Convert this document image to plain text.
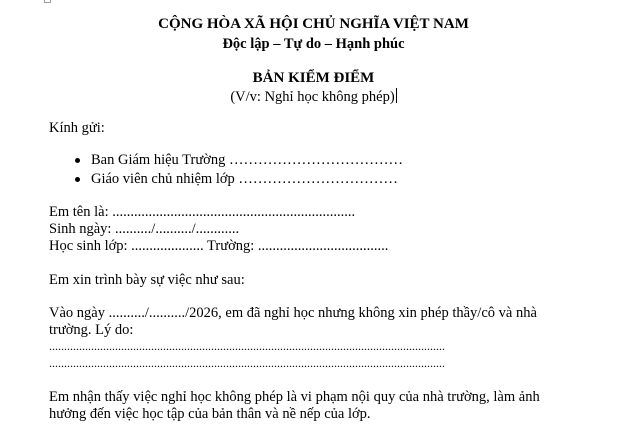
CỘNG HÒA XÃ HỘI CHỦ NGHĨA VIỆT NAM
Độc lập – Tự do – Hạnh phúc
BẢN KIỂM ĐIỂM
(V/v: Nghỉ học không phép)
Kính gửi:
Ban Giám hiệu Trường ………………………………
Giáo viên chủ nhiệm lớp ……………………………
Em tên là: ...................................................................
Sinh ngày: ........../........../............
Học sinh lớp: .................... Trường: ....................................
Em xin trình bày sự việc như sau:
Vào ngày ........../........../2026, em đã nghỉ học nhưng không xin phép thầy/cô và nhà
trường. Lý do:
....................................................................................................................................
....................................................................................................................................
Em nhận thấy việc nghỉ học không phép là vi phạm nội quy của nhà trường, làm ảnh
hưởng đến việc học tập của bản thân và nề nếp của lớp.
